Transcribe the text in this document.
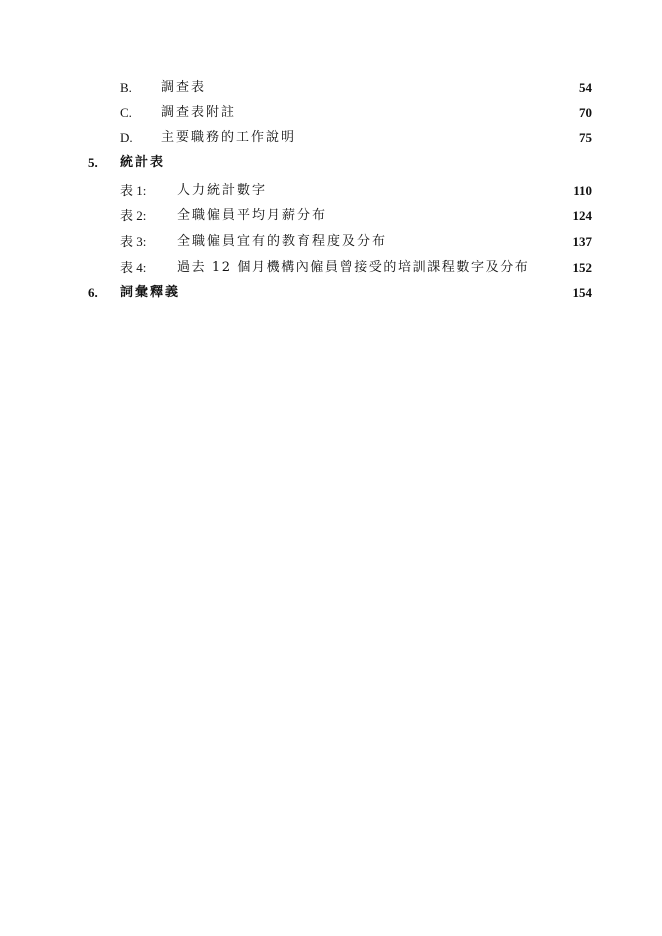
B. 調查表	54
C. 調查表附註	70
D. 主要職務的工作說明	75
5. 統計表
表 1: 人力統計數字	110
表 2: 全職僱員平均月薪分布	124
表 3: 全職僱員宜有的教育程度及分布	137
表 4: 過去 12 個月機構內僱員曾接受的培訓課程數字及分布	152
6. 詞彙釋義	154
